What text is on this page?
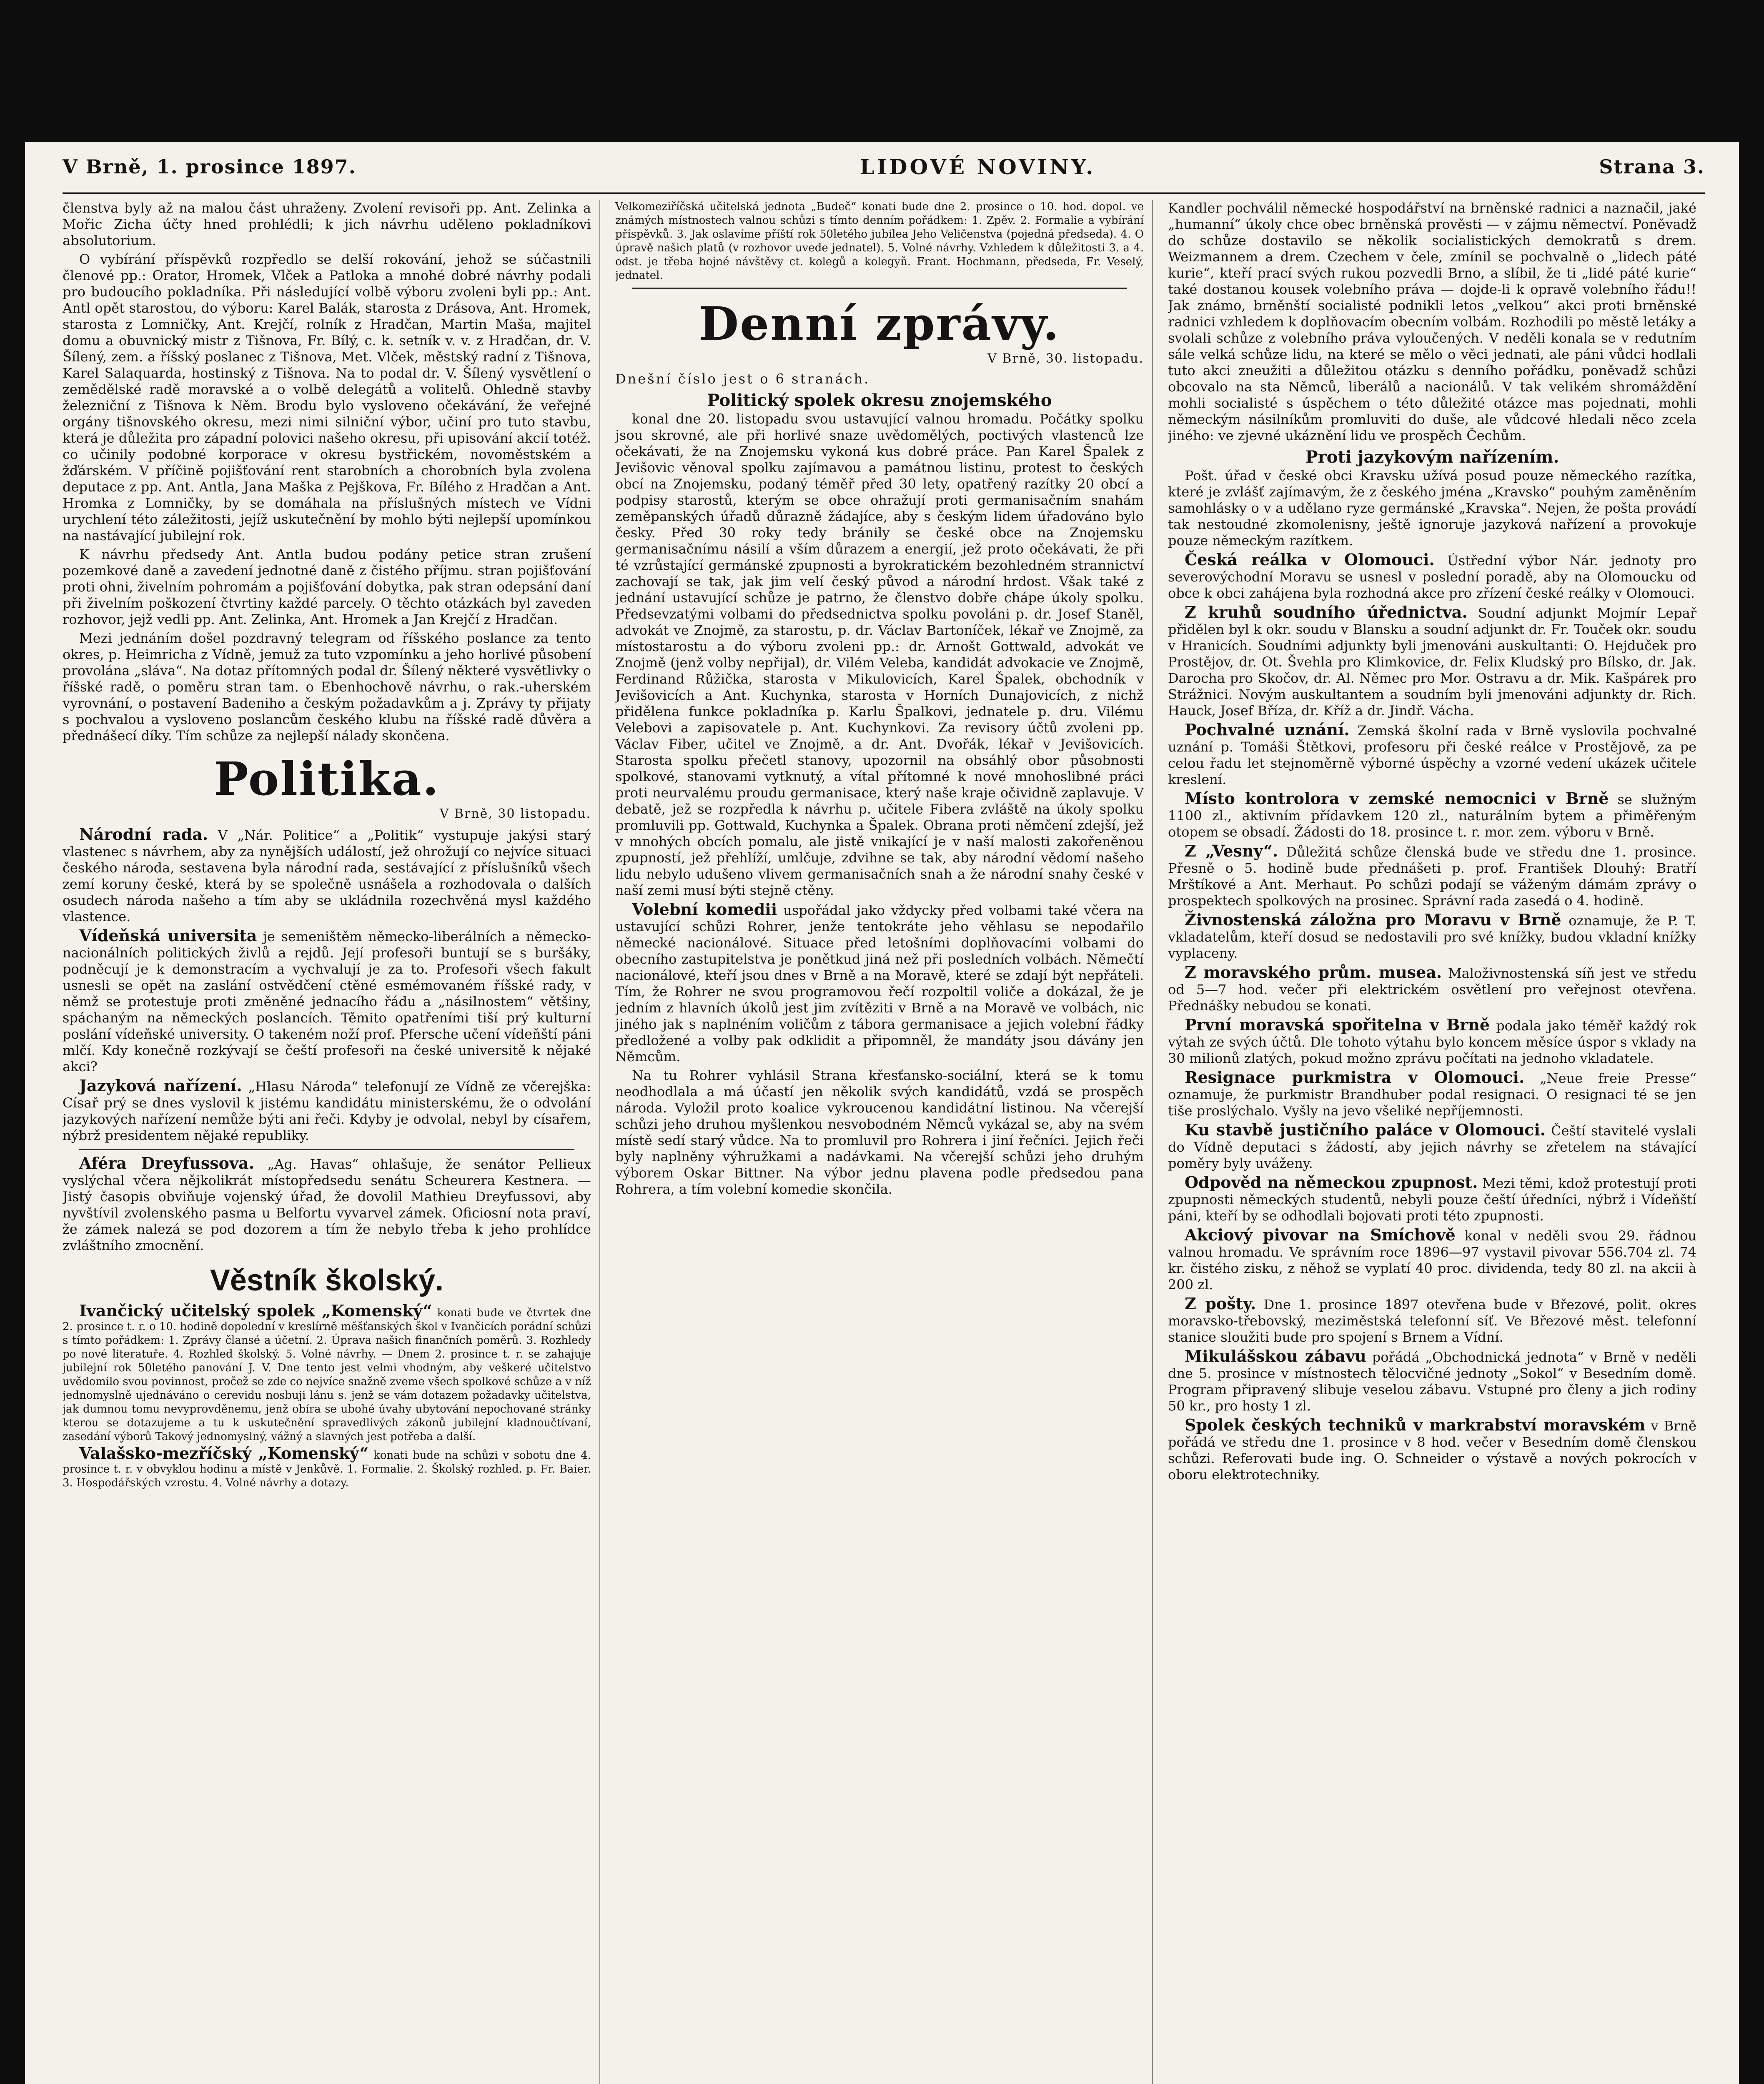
V Brně, 1. prosince 1897.	LIDOVÉ NOVINY.	Strana 3.

členstva byly až na malou část uhraženy. Zvolení revisoři pp. Ant. Zelinka a Mořic Zicha účty hned prohlédli; k jich návrhu uděleno pokladníkovi absolutorium.

O vybírání příspěvků rozpředlo se delší rokování, jehož se súčastnili členové pp.: Orator, Hromek, Vlček a Patloka a mnohé dobré návrhy podali pro budoucího pokladníka. Při následující volbě výboru zvoleni byli pp.: Ant. Antl opět starostou, do výboru: Karel Balák, starosta z Drásova, Ant. Hromek, starosta z Lomničky, Ant. Krejčí, rolník z Hradčan, Martin Maša, majitel domu a obuvnický mistr z Tišnova, Fr. Bílý, c. k. setník v. v. z Hradčan, dr. V. Šílený, zem. a říšský poslanec z Tišnova, Met. Vlček, městský radní z Tišnova, Karel Salaquarda, hostinský z Tišnova. Na to podal dr. V. Šílený vysvětlení o zemědělské radě moravské a o volbě delegátů a volitelů. Ohledně stavby železniční z Tišnova k Něm. Brodu bylo vysloveno očekávání, že veřejné orgány tišnovského okresu, mezi nimi silniční výbor, učiní pro tuto stavbu, která je důležita pro západní polovici našeho okresu, při upisování akcií totéž. co učinily podobné korporace v okresu bystřickém, novoměstském a žďárském. V příčině pojišťování rent starobních a chorobních byla zvolena deputace z pp. Ant. Antla, Jana Maška z Pejškova, Fr. Bílého z Hradčan a Ant. Hromka z Lomničky, by se domáhala na příslušných místech ve Vídni urychlení této záležitosti, jejíž uskutečnění by mohlo býti nejlepší upomínkou na nastávající jubilejní rok.

K návrhu předsedy Ant. Antla budou podány petice stran zrušení pozemkové daně a zavedení jednotné daně z čistého příjmu. stran pojišťování proti ohni, živelním pohromám a pojišťování dobytka, pak stran odepsání daní při živelním poškození čtvrtiny každé parcely. O těchto otázkách byl zaveden rozhovor, jejž vedli pp. Ant. Zelinka, Ant. Hromek a Jan Krejčí z Hradčan.

Mezi jednáním došel pozdravný telegram od říšského poslance za tento okres, p. Heimricha z Vídně, jemuž za tuto vzpomínku a jeho horlivé působení provolána „sláva“. Na dotaz přítomných podal dr. Šílený některé vysvětlivky o říšské radě, o poměru stran tam. o Ebenhochově návrhu, o rak.-uherském vyrovnání, o postavení Badeniho a českým požadavkům a j. Zprávy ty přijaty s pochvalou a vysloveno poslancům českého klubu na říšské radě důvěra a přednášecí díky. Tím schůze za nejlepší nálady skončena.

Politika.
V Brně, 30 listopadu.

Národní rada. V „Nár. Politice“ a „Politik“ vystupuje jakýsi starý vlastenec s návrhem, aby za nynějších událostí, jež ohrožují co nejvíce situaci českého národa, sestavena byla národní rada, sestávající z příslušníků všech zemí koruny české, která by se společně usnášela a rozhodovala o dalších osudech národa našeho a tím aby se ukládnila rozechvěná mysl každého vlastence.

Vídeňská universita je semeništěm německo-liberálních a německo-nacionálních politických živlů a rejdů. Její profesoři buntují se s buršáky, podněcují je k demonstracím a vychvalují je za to. Profesoři všech fakult usnesli se opět na zaslání ostvědčení ctěné esmémovaném říšské rady, v němž se protestuje proti změněné jednacího řádu a „násilnostem“ většiny, spáchaným na německých poslancích. Těmito opatřeními tiší prý kulturní poslání vídeňské university. O takeném noží prof. Pfersche učení vídeňští páni mlčí. Kdy konečně rozkývají se čeští profesoři na české universitě k nějaké akci?

Jazyková nařízení. „Hlasu Národa“ telefonují ze Vídně ze včerejška: Císař prý se dnes vyslovil k jistému kandidátu ministerskému, že o odvolání jazykových nařízení nemůže býti ani řeči. Kdyby je odvolal, nebyl by císařem, nýbrž presidentem nějaké republiky.

Aféra Dreyfussova. „Ag. Havas“ ohlašuje, že senátor Pellieux vyslýchal včera nějkolikrát místopředsedu senátu Scheurera Kestnera. — Jistý časopis obviňuje vojenský úřad, že dovolil Mathieu Dreyfussovi, aby nyvštívil zvolenského pasma u Belfortu vyvarvel zámek. Oficiosní nota praví, že zámek nalezá se pod dozorem a tím že nebylo třeba k jeho prohlídce zvláštního zmocnění.

Věstník školský.

Ivančický učitelský spolek „Komenský“ konati bude ve čtvrtek dne 2. prosince t. r. o 10. hodině dopolední v kreslírně měšťanských škol v Ivančicích porádní schůzi s tímto pořádkem: 1. Zprávy člansé a účetní. 2. Úprava našich finančních poměrů. 3. Rozhledy po nové literatuře. 4. Rozhled školský. 5. Volné návrhy. — Dnem 2. prosince t. r. se zahajuje jubilejní rok 50letého panování J. V. Dne tento jest velmi vhodným, aby veškeré učitelstvo uvědomilo svou povinnost, pročež se zde co nejvíce snažně zveme všech spolkové schůze a v níž jednomyslně ujednáváno o cerevidu nosbuji lánu s. jenž se vám dotazem požadavky učitelstva, jak dumnou tomu nevyprovděnemu, jenž obíra se ubohé úvahy ubytování nepochované stránky kterou se dotazujeme a tu k uskutečnění spravedlivých zákonů jubilejní kladnoučtívaní, zasedání výborů Takový jednomyslný, vážný a slavných jest potřeba a další.

Valašsko-mezříčský „Komenský“ konati bude na schůzi v sobotu dne 4. prosince t. r. v obvyklou hodinu a místě v Jenkůvě. 1. Formalie. 2. Školský rozhled. p. Fr. Baier. 3. Hospodářských vzrostu. 4. Volné návrhy a dotazy.

Velkomeziříčská učitelská jednota „Budeč“ konati bude dne 2. prosince o 10. hod. dopol. ve známých místnostech valnou schůzi s tímto denním pořádkem: 1. Zpěv. 2. Formalie a vybírání příspěvků. 3. Jak oslavíme příští rok 50letého jubilea Jeho Veličenstva (pojedná předseda). 4. O úpravě našich platů (v rozhovor uvede jednatel). 5. Volné návrhy. Vzhledem k důležitosti 3. a 4. odst. je třeba hojné návštěvy ct. kolegů a kolegyň. Frant. Hochmann, předseda, Fr. Veselý, jednatel.

Denní zprávy.
V Brně, 30. listopadu.

Dnešní číslo jest o 6 stranách.

Politický spolek okresu znojemského

konal dne 20. listopadu svou ustavující valnou hromadu. Počátky spolku jsou skrovné, ale při horlivé snaze uvědomělých, poctivých vlastenců lze očekávati, že na Znojemsku vykoná kus dobré práce. Pan Karel Špalek z Jevišovic věnoval spolku zajímavou a památnou listinu, protest to českých obcí na Znojemsku, podaný téměř před 30 lety, opatřený razítky 20 obcí a podpisy starostů, kterým se obce ohražují proti germanisačním snahám zeměpanských úřadů důrazně žádajíce, aby s českým lidem úřadováno bylo česky. Před 30 roky tedy bránily se české obce na Znojemsku germanisačnímu násilí a vším důrazem a energií, jež proto očekávati, že při té vzrůstající germánské zpupnosti a byrokratickém bezohledném strannictví zachovají se tak, jak jim velí český původ a národní hrdost. Však také z jednání ustavující schůze je patrno, že členstvo dobře chápe úkoly spolku. Předsevzatými volbami do předsednictva spolku povoláni p. dr. Josef Staněl, advokát ve Znojmě, za starostu, p. dr. Václav Bartoníček, lékař ve Znojmě, za místostarostu a do výboru zvoleni pp.: dr. Arnošt Gottwald, advokát ve Znojmě (jenž volby nepřijal), dr. Vilém Veleba, kandidát advokacie ve Znojmě, Ferdinand Růžička, starosta v Mikulovicích, Karel Špalek, obchodník v Jevišovicích a Ant. Kuchynka, starosta v Horních Dunajovicích, z nichž přidělena funkce pokladníka p. Karlu Špalkovi, jednatele p. dru. Vilému Velebovi a zapisovatele p. Ant. Kuchynkovi. Za revisory účtů zvoleni pp. Václav Fiber, učitel ve Znojmě, a dr. Ant. Dvořák, lékař v Jevišovicích. Starosta spolku přečetl stanovy, upozornil na obsáhlý obor působnosti spolkové, stanovami vytknutý, a vítal přítomné k nové mnohoslibné práci proti neurvalému proudu germanisace, který naše kraje očividně zaplavuje. V debatě, jež se rozpředla k návrhu p. učitele Fibera zvláště na úkoly spolku promluvili pp. Gottwald, Kuchynka a Špalek. Obrana proti němčení zdejší, jež v mnohých obcích pomalu, ale jistě vnikající je v naší malosti zakořeněnou zpupností, jež přehlíží, umlčuje, zdvihne se tak, aby národní vědomí našeho lidu nebylo udušeno vlivem germanisačních snah a že národní snahy české v naší zemi musí býti stejně ctěny.

Volební komedii uspořádal jako vždycky před volbami také včera na ustavující schůzi Rohrer, jenže tentokráte jeho věhlasu se nepodařilo německé nacionálové. Situace před letošními doplňovacími volbami do obecního zastupitelstva je ponětkud jiná než při posledních volbách. Němečtí nacionálové, kteří jsou dnes v Brně a na Moravě, které se zdají být nepřáteli. Tím, že Rohrer ne svou programovou řečí rozpoltil voliče a dokázal, že je jedním z hlavních úkolů jest jim zvítěziti v Brně a na Moravě ve volbách, nic jiného jak s naplnéním voličům z tábora germanisace a jejich volební řádky předložené a volby pak odklidit a připomněl, že mandáty jsou dávány jen Němcům.

Na tu Rohrer vyhlásil Strana křesťansko-sociální, která se k tomu neodhodlala a má účastí jen několik svých kandidátů, vzdá se prospěch národa. Vyložil proto koalice vykroucenou kandidátní listinou. Na včerejší schůzi jeho druhou myšlenkou nesvobodném Němců vykázal se, aby na svém místě sedí starý vůdce. Na to promluvil pro Rohrera i jiní řečníci. Jejich řeči byly naplněny výhružkami a nadávkami. Na včerejší schůzi jeho druhým výborem Oskar Bittner. Na výbor jednu plavena podle předsedou pana Rohrera, a tím volební komedie skončila.

Kandler pochválil německé hospodářství na brněnské radnici a naznačil, jaké „humanní“ úkoly chce obec brněnská prověsti — v zájmu němectví. Poněvadž do schůze dostavilo se několik socialistických demokratů s drem. Weizmannem a drem. Czechem v čele, zmínil se pochvalně o „lidech páté kurie“, kteří prací svých rukou pozvedli Brno, a slíbil, že ti „lidé páté kurie“ také dostanou kousek volebního práva — dojde-li k opravě volebního řádu!! Jak známo, brněnští socialisté podnikli letos „velkou“ akci proti brněnské radnici vzhledem k doplňovacím obecním volbám. Rozhodili po městě letáky a svolali schůze z volebního práva vyloučených. V neděli konala se v redutním sále velká schůze lidu, na které se mělo o věci jednati, ale páni vůdci hodlali tuto akci zneužiti a důležitou otázku s denního pořádku, poněvadž schůzi obcovalo na sta Němců, liberálů a nacionálů. V tak velikém shromáždění mohli socialisté s úspěchem o této důležité otázce mas pojednati, mohli německým násilníkům promluviti do duše, ale vůdcové hledali něco zcela jiného: ve zjevné ukáznění lidu ve prospěch Čechům.

Proti jazykovým nařízením.

Pošt. úřad v české obci Kravsku užívá posud pouze německého razítka, které je zvlášť zajímavým, že z českého jména „Kravsko“ pouhým zaměněním samohlásky o v a udělano ryze germánské „Kravska“. Nejen, že pošta provádí tak nestoudné zkomolenisny, ještě ignoruje jazyková nařízení a provokuje pouze německým razítkem.

Česká reálka v Olomouci. Ústřední výbor Nár. jednoty pro severovýchodní Moravu se usnesl v poslední poradě, aby na Olomoucku od obce k obci zahájena byla rozhodná akce pro zřízení české reálky v Olomouci.

Z kruhů soudního úřednictva. Soudní adjunkt Mojmír Lepař přidělen byl k okr. soudu v Blansku a soudní adjunkt dr. Fr. Touček okr. soudu v Hranicích. Soudními adjunkty byli jmenováni auskultanti: O. Hejduček pro Prostějov, dr. Ot. Švehla pro Klimkovice, dr. Felix Kludský pro Bílsko, dr. Jak. Darocha pro Skočov, dr. Al. Němec pro Mor. Ostravu a dr. Mik. Kašpárek pro Strážnici. Novým auskultantem a soudním byli jmenováni adjunkty dr. Rich. Hauck, Josef Bříza, dr. Kříž a dr. Jindř. Vácha.

Pochvalné uznání. Zemská školní rada v Brně vyslovila pochvalné uznání p. Tomáši Štětkovi, profesoru při české reálce v Prostějově, za pe celou řadu let stejnoměrně výborné úspěchy a vzorné vedení ukázek učitele kreslení.

Místo kontrolora v zemské nemocnici v Brně se služným 1100 zl., aktivním přídavkem 120 zl., naturálním bytem a přiměřeným otopem se obsadí. Žádosti do 18. prosince t. r. mor. zem. výboru v Brně.

Z „Vesny“. Důležitá schůze členská bude ve středu dne 1. prosince. Přesně o 5. hodině bude přednášeti p. prof. František Dlouhý: Bratří Mrštíkové a Ant. Merhaut. Po schůzi podají se váženým dámám zprávy o prospektech spolkových na prosinec. Správní rada zasedá o 4. hodině.

Živnostenská záložna pro Moravu v Brně oznamuje, že P. T. vkladatelům, kteří dosud se nedostavili pro své knížky, budou vkladní knížky vyplaceny.

Z moravského prům. musea. Maloživnostenská síň jest ve středu od 5—7 hod. večer při elektrickém osvětlení pro veřejnost otevřena. Přednášky nebudou se konati.

První moravská spořitelna v Brně podala jako téměř každý rok výtah ze svých účtů. Dle tohoto výtahu bylo koncem měsíce úspor s vklady na 30 milionů zlatých, pokud možno zprávu počítati na jednoho vkladatele.

Resignace purkmistra v Olomouci. „Neue freie Presse“ oznamuje, že purkmistr Brandhuber podal resignaci. O resignaci té se jen tiše proslýchalo. Vyšly na jevo všeliké nepříjemnosti.

Ku stavbě justičního paláce v Olomouci. Čeští stavitelé vyslali do Vídně deputaci s žádostí, aby jejich návrhy se zřetelem na stávající poměry byly uváženy.

Odpověd na německou zpupnost. Mezi těmi, kdož protestují proti zpupnosti německých studentů, nebyli pouze čeští úředníci, nýbrž i Vídeňští páni, kteří by se odhodlali bojovati proti této zpupnosti.

Akciový pivovar na Smíchově konal v neděli svou 29. řádnou valnou hromadu. Ve správním roce 1896—97 vystavil pivovar 556.704 zl. 74 kr. čistého zisku, z něhož se vyplatí 40 proc. dividenda, tedy 80 zl. na akcii à 200 zl.

Z pošty. Dne 1. prosince 1897 otevřena bude v Březové, polit. okres moravsko-třebovský, meziměstská telefonní síť. Ve Březové měst. telefonní stanice sloužiti bude pro spojení s Brnem a Vídní.

Mikulášskou zábavu pořádá „Obchodnická jednota“ v Brně v neděli dne 5. prosince v místnostech tělocvičné jednoty „Sokol“ v Besedním domě. Program připravený slibuje veselou zábavu. Vstupné pro členy a jich rodiny 50 kr., pro hosty 1 zl.

Spolek českých techniků v markrabství moravském v Brně pořádá ve středu dne 1. prosince v 8 hod. večer v Besedním domě členskou schůzi. Referovati bude ing. O. Schneider o výstavě a nových pokrocích v oboru elektrotechniky.
